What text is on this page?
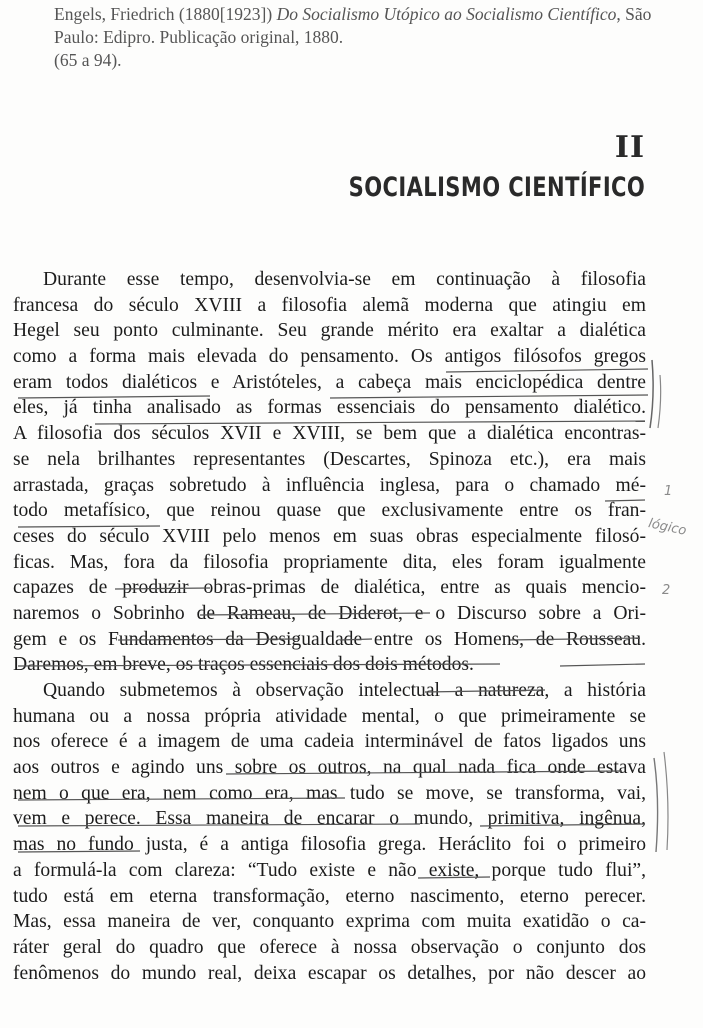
Engels, Friedrich (1880[1923]) Do Socialismo Utópico ao Socialismo Científico, São Paulo: Edipro. Publicação original, 1880.
(65 a 94).
II
SOCIALISMO CIENTÍFICO
Durante esse tempo, desenvolvia-se em continuação à filosofia
francesa do século XVIII a filosofia alemã moderna que atingiu em
Hegel seu ponto culminante. Seu grande mérito era exaltar a dialética
como a forma mais elevada do pensamento. Os antigos filósofos gregos
eram todos dialéticos e Aristóteles, a cabeça mais enciclopédica dentre
eles, já tinha analisado as formas essenciais do pensamento dialético.
A filosofia dos séculos XVII e XVIII, se bem que a dialética encontras-
se nela brilhantes representantes (Descartes, Spinoza etc.), era mais
arrastada, graças sobretudo à influência inglesa, para o chamado mé-
todo metafísico, que reinou quase que exclusivamente entre os fran-
ceses do século XVIII pelo menos em suas obras especialmente filosó-
ficas. Mas, fora da filosofia propriamente dita, eles foram igualmente
capazes de produzir obras-primas de dialética, entre as quais mencio-
naremos o Sobrinho de Rameau, de Diderot, e o Discurso sobre a Ori-
gem e os Fundamentos da Desigualdade entre os Homens, de Rousseau.
Daremos, em breve, os traços essenciais dos dois métodos.
Quando submetemos à observação intelectual a natureza, a história
humana ou a nossa própria atividade mental, o que primeiramente se
nos oferece é a imagem de uma cadeia interminável de fatos ligados uns
aos outros e agindo uns sobre os outros, na qual nada fica onde estava
nem o que era, nem como era, mas tudo se move, se transforma, vai,
vem e perece. Essa maneira de encarar o mundo, primitiva, ingênua,
mas no fundo justa, é a antiga filosofia grega. Heráclito foi o primeiro
a formulá-la com clareza: “Tudo existe e não existe, porque tudo flui”,
tudo está em eterna transformação, eterno nascimento, eterno perecer.
Mas, essa maneira de ver, conquanto exprima com muita exatidão o ca-
ráter geral do quadro que oferece à nossa observação o conjunto dos
fenômenos do mundo real, deixa escapar os detalhes, por não descer ao
1
lógico
2
